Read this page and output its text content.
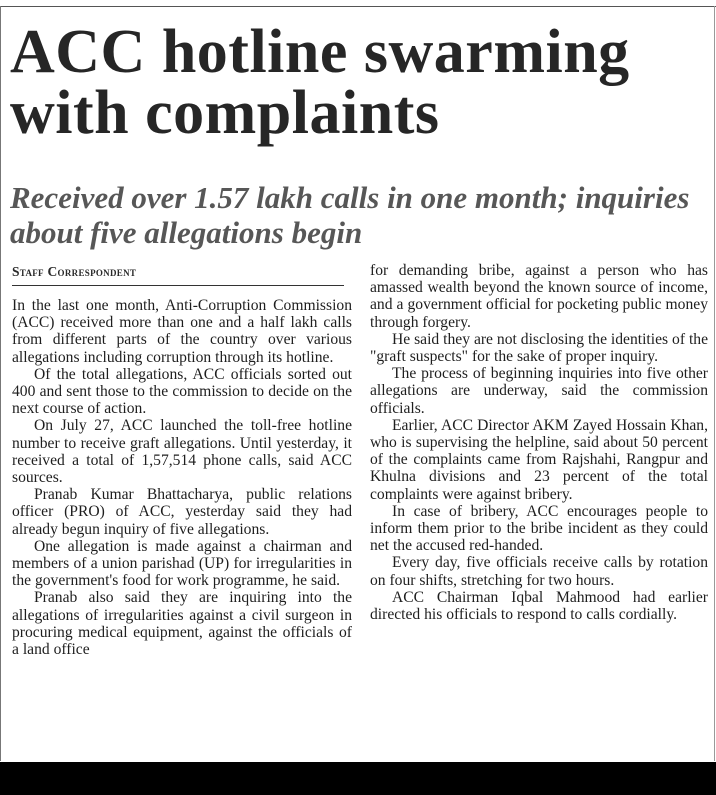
ACC hotline swarming with complaints
Received over 1.57 lakh calls in one month; inquiries about five allegations begin
Staff Correspondent

In the last one month, Anti-Corruption Commission (ACC) received more than one and a half lakh calls from different parts of the country over various allegations including corruption through its hotline.

Of the total allegations, ACC officials sorted out 400 and sent those to the commission to decide on the next course of action.

On July 27, ACC launched the toll-free hotline number to receive graft allegations. Until yesterday, it received a total of 1,57,514 phone calls, said ACC sources.

Pranab Kumar Bhattacharya, public relations officer (PRO) of ACC, yesterday said they had already begun inquiry of five allegations.

One allegation is made against a chairman and members of a union parishad (UP) for irregularities in the government's food for work programme, he said.

Pranab also said they are inquiring into the allegations of irregularities against a civil surgeon in procuring medical equipment, against the officials of a land office

for demanding bribe, against a person who has amassed wealth beyond the known source of income, and a government official for pocketing public money through forgery.

He said they are not disclosing the identities of the "graft suspects" for the sake of proper inquiry.

The process of beginning inquiries into five other allegations are underway, said the commission officials.

Earlier, ACC Director AKM Zayed Hossain Khan, who is supervising the helpline, said about 50 percent of the complaints came from Rajshahi, Rangpur and Khulna divisions and 23 percent of the total complaints were against bribery.

In case of bribery, ACC encourages people to inform them prior to the bribe incident as they could net the accused red-handed.

Every day, five officials receive calls by rotation on four shifts, stretching for two hours.

ACC Chairman Iqbal Mahmood had earlier directed his officials to respond to calls cordially.
